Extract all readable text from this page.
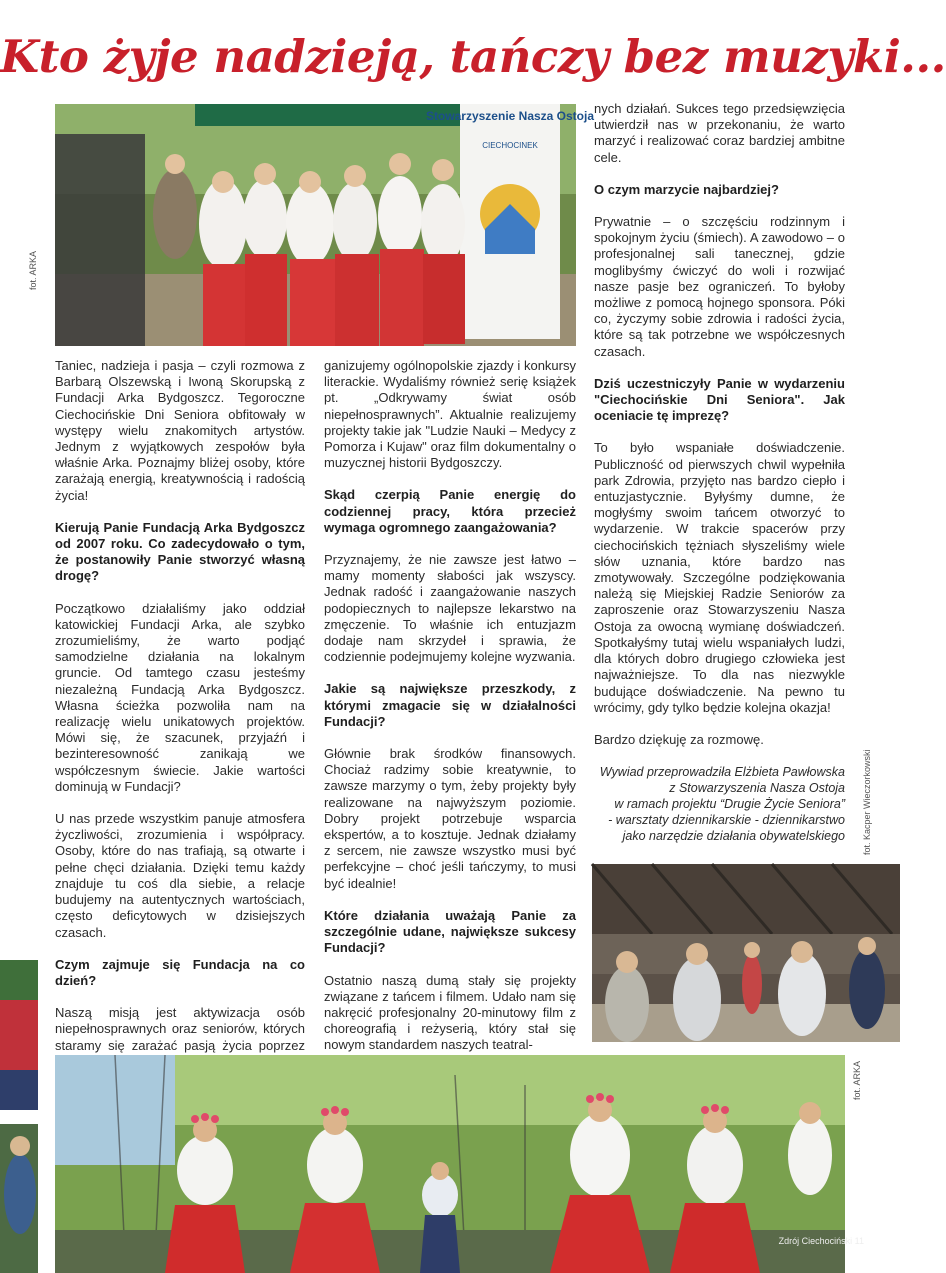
Kto żyje nadzieją, tańczy bez muzyki...
Stowarzyszenie Nasza Ostoja
CIECHOCINEK
fot. ARKA

Taniec, nadzieja i pasja – czyli rozmowa z Barbarą Olszewską i Iwoną Skorupską z Fundacji Arka Bydgoszcz. Tegoroczne Ciechocińskie Dni Seniora obfitowały w występy wielu znakomitych artystów. Jednym z wyjątkowych zespołów była właśnie Arka. Poznajmy bliżej osoby, które zarażają energią, kreatywnością i radością życia!

Kierują Panie Fundacją Arka Bydgoszcz od 2007 roku. Co zadecydowało o tym, że postanowiły Panie stworzyć własną drogę?

Początkowo działaliśmy jako oddział katowickiej Fundacji Arka, ale szybko zrozumieliśmy, że warto podjąć samodzielne działania na lokalnym gruncie. Od tamtego czasu jesteśmy niezależną Fundacją Arka Bydgoszcz. Własna ścieżka pozwoliła nam na realizację wielu unikatowych projektów. Mówi się, że szacunek, przyjaźń i bezinteresowność zanikają we współczesnym świecie. Jakie wartości dominują w Fundacji?

U nas przede wszystkim panuje atmosfera życzliwości, zrozumienia i współpracy. Osoby, które do nas trafiają, są otwarte i pełne chęci działania. Dzięki temu każdy znajduje tu coś dla siebie, a relacje budujemy na autentycznych wartościach, często deficytowych w dzisiejszych czasach.

Czym zajmuje się Fundacja na co dzień?

Naszą misją jest aktywizacja osób niepełnosprawnych oraz seniorów, których staramy się zarażać pasją życia poprzez

ganizujemy ogólnopolskie zjazdy i konkursy literackie. Wydaliśmy również serię książek pt. „Odkrywamy świat osób niepełnosprawnych”. Aktualnie realizujemy projekty takie jak "Ludzie Nauki – Medycy z Pomorza i Kujaw" oraz film dokumentalny o muzycznej historii Bydgoszczy.

Skąd czerpią Panie energię do codziennej pracy, która przecież wymaga ogromnego zaangażowania?

Przyznajemy, że nie zawsze jest łatwo – mamy momenty słabości jak wszyscy. Jednak radość i zaangażowanie naszych podopiecznych to najlepsze lekarstwo na zmęczenie. To właśnie ich entuzjazm dodaje nam skrzydeł i sprawia, że codziennie podejmujemy kolejne wyzwania.

Jakie są największe przeszkody, z którymi zmagacie się w działalności Fundacji?

Głównie brak środków finansowych. Chociaż radzimy sobie kreatywnie, to zawsze marzymy o tym, żeby projekty były realizowane na najwyższym poziomie. Dobry projekt potrzebuje wsparcia ekspertów, a to kosztuje. Jednak działamy z sercem, nie zawsze wszystko musi być perfekcyjne – choć jeśli tańczymy, to musi być idealnie!

Które działania uważają Panie za szczególnie udane, największe sukcesy Fundacji?

Ostatnio naszą dumą stały się projekty związane z tańcem i filmem. Udało nam się nakręcić profesjonalny 20-minutowy film z choreografią i reżyserią, który stał się nowym standardem naszych teatral-

nych działań. Sukces tego przedsięwzięcia utwierdził nas w przekonaniu, że warto marzyć i realizować coraz bardziej ambitne cele.

O czym marzycie najbardziej?

Prywatnie – o szczęściu rodzinnym i spokojnym życiu (śmiech). A zawodowo – o profesjonalnej sali tanecznej, gdzie moglibyśmy ćwiczyć do woli i rozwijać nasze pasje bez ograniczeń. To byłoby możliwe z pomocą hojnego sponsora. Póki co, życzymy sobie zdrowia i radości życia, które są tak potrzebne we współczesnych czasach.

Dziś uczestniczyły Panie w wydarzeniu "Ciechocińskie Dni Seniora". Jak oceniacie tę imprezę?

To było wspaniałe doświadczenie. Publiczność od pierwszych chwil wypełniła park Zdrowia, przyjęto nas bardzo ciepło i entuzjastycznie. Byłyśmy dumne, że mogłyśmy swoim tańcem otworzyć to wydarzenie. W trakcie spacerów przy ciechocińskich tężniach słyszeliśmy wiele słów uznania, które bardzo nas zmotywowały. Szczególne podziękowania należą się Miejskiej Radzie Seniorów za zaproszenie oraz Stowarzyszeniu Nasza Ostoja za owocną wymianę doświadczeń. Spotkałyśmy tutaj wielu wspaniałych ludzi, dla których dobro drugiego człowieka jest najważniejsze. To dla nas niezwykle budujące doświadczenie. Na pewno tu wrócimy, gdy tylko będzie kolejna okazja!

Bardzo dziękuję za rozmowę.

Wywiad przeprowadziła Elżbieta Pawłowska
z Stowarzyszenia Nasza Ostoja
w ramach projektu “Drugie Życie Seniora”
- warsztaty dziennikarskie - dziennikarstwo
jako narzędzie działania obywatelskiego fot. Kacper Wieczorkowski
fot. ARKA
Zdrój Ciechociński 11
